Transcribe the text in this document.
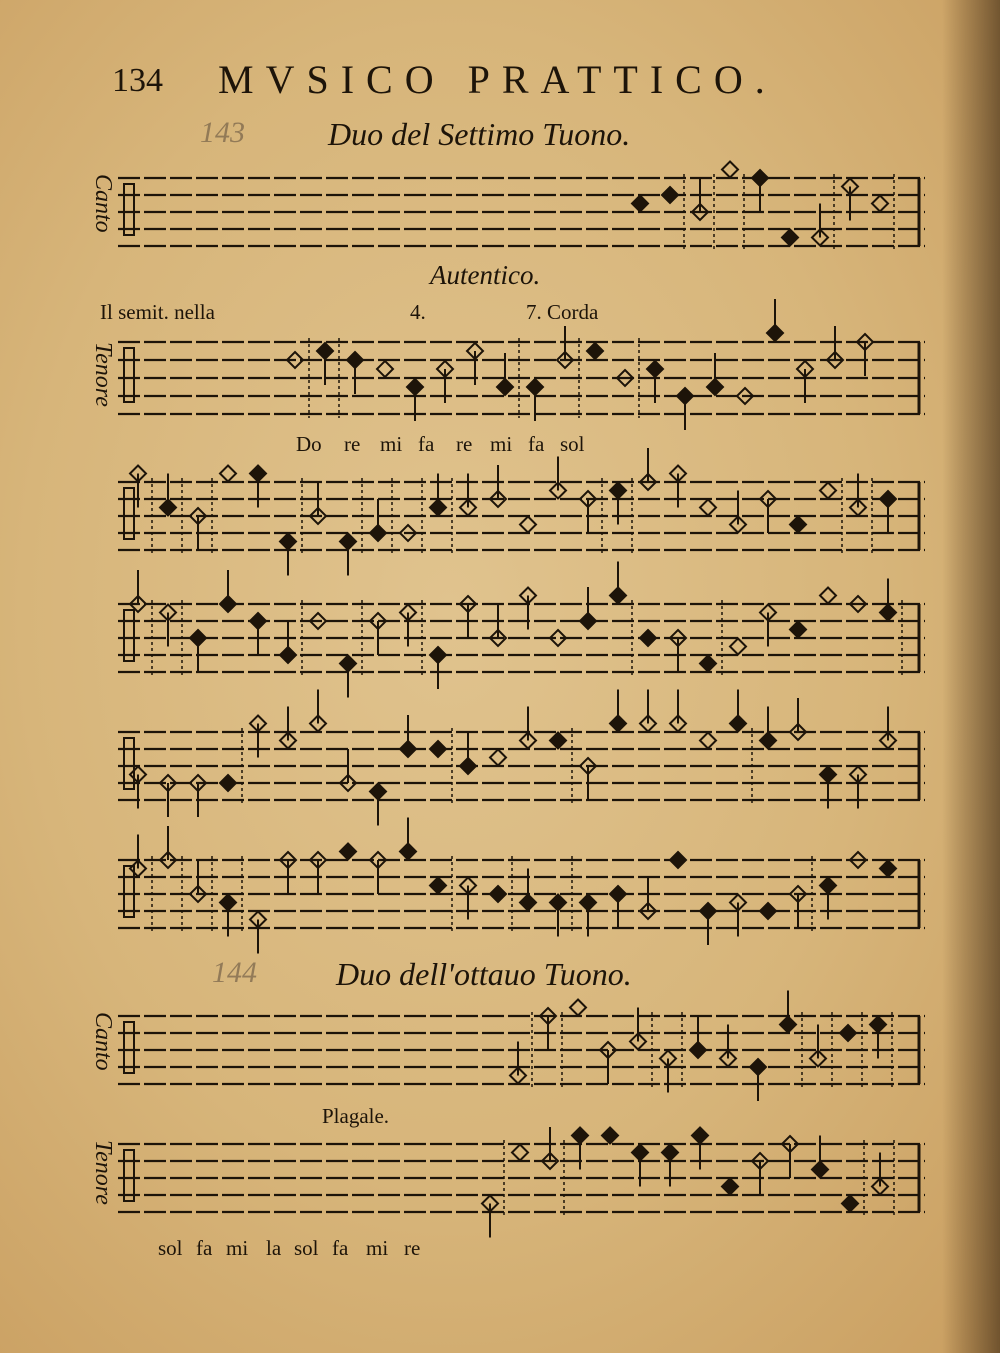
134 MVSICO PRATTICO.
143
144
Duo del Settimo Tuono.
Duo dell'ottauo Tuono.
Canto
Tenore
Canto
Tenore
Autentico.
Il semit. nella	4.	7. Corda
Plagale.
Do re mi fa re mi fa sol
sol fa mi la sol fa mi re
